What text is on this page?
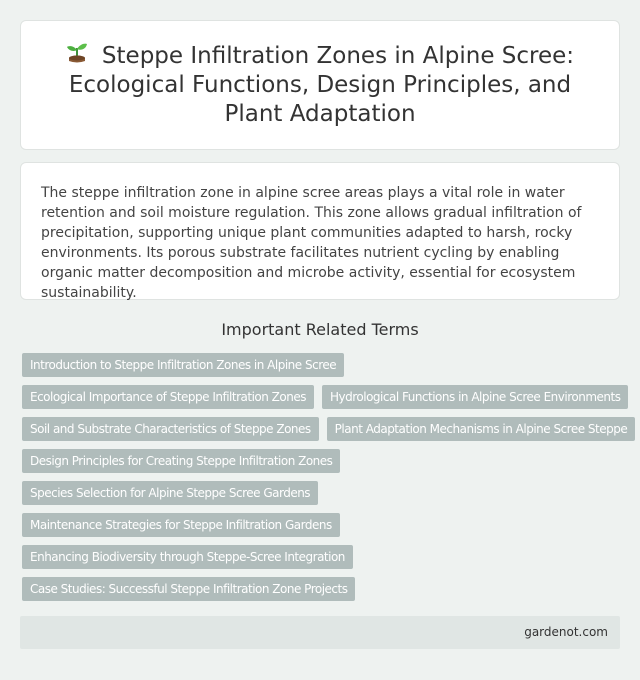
Steppe Infiltration Zones in Alpine Scree: Ecological Functions, Design Principles, and Plant Adaptation

The steppe infiltration zone in alpine scree areas plays a vital role in water retention and soil moisture regulation. This zone allows gradual infiltration of precipitation, supporting unique plant communities adapted to harsh, rocky environments. Its porous substrate facilitates nutrient cycling by enabling organic matter decomposition and microbe activity, essential for ecosystem sustainability.

Important Related Terms
Introduction to Steppe Infiltration Zones in Alpine Scree
Ecological Importance of Steppe Infiltration Zones	Hydrological Functions in Alpine Scree Environments
Soil and Substrate Characteristics of Steppe Zones	Plant Adaptation Mechanisms in Alpine Scree Steppe
Design Principles for Creating Steppe Infiltration Zones
Species Selection for Alpine Steppe Scree Gardens
Maintenance Strategies for Steppe Infiltration Gardens
Enhancing Biodiversity through Steppe-Scree Integration
Case Studies: Successful Steppe Infiltration Zone Projects
gardenot.com
